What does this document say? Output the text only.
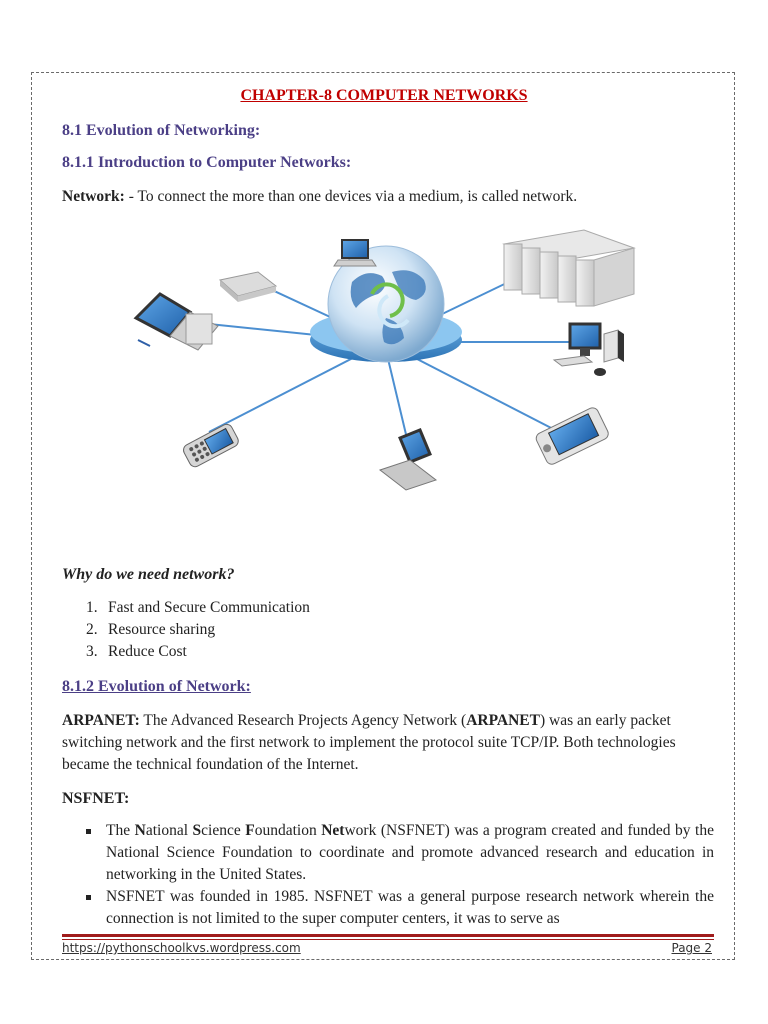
CHAPTER-8 COMPUTER NETWORKS
8.1 Evolution of Networking:
8.1.1 Introduction to Computer Networks:
Network: - To connect the more than one devices via a medium, is called network.
Why do we need network?
1. Fast and Secure Communication
2. Resource sharing
3. Reduce Cost
8.1.2 Evolution of Network:
ARPANET: The Advanced Research Projects Agency Network (ARPANET) was an early packet switching network and the first network to implement the protocol suite TCP/IP. Both technologies became the technical foundation of the Internet.
NSFNET:
The National Science Foundation Network (NSFNET) was a program created and funded by the National Science Foundation to coordinate and promote advanced research and education in networking in the United States.
NSFNET was founded in 1985. NSFNET was a general purpose research network wherein the connection is not limited to the super computer centers, it was to serve as
https://pythonschoolkvs.wordpress.com	Page 2
